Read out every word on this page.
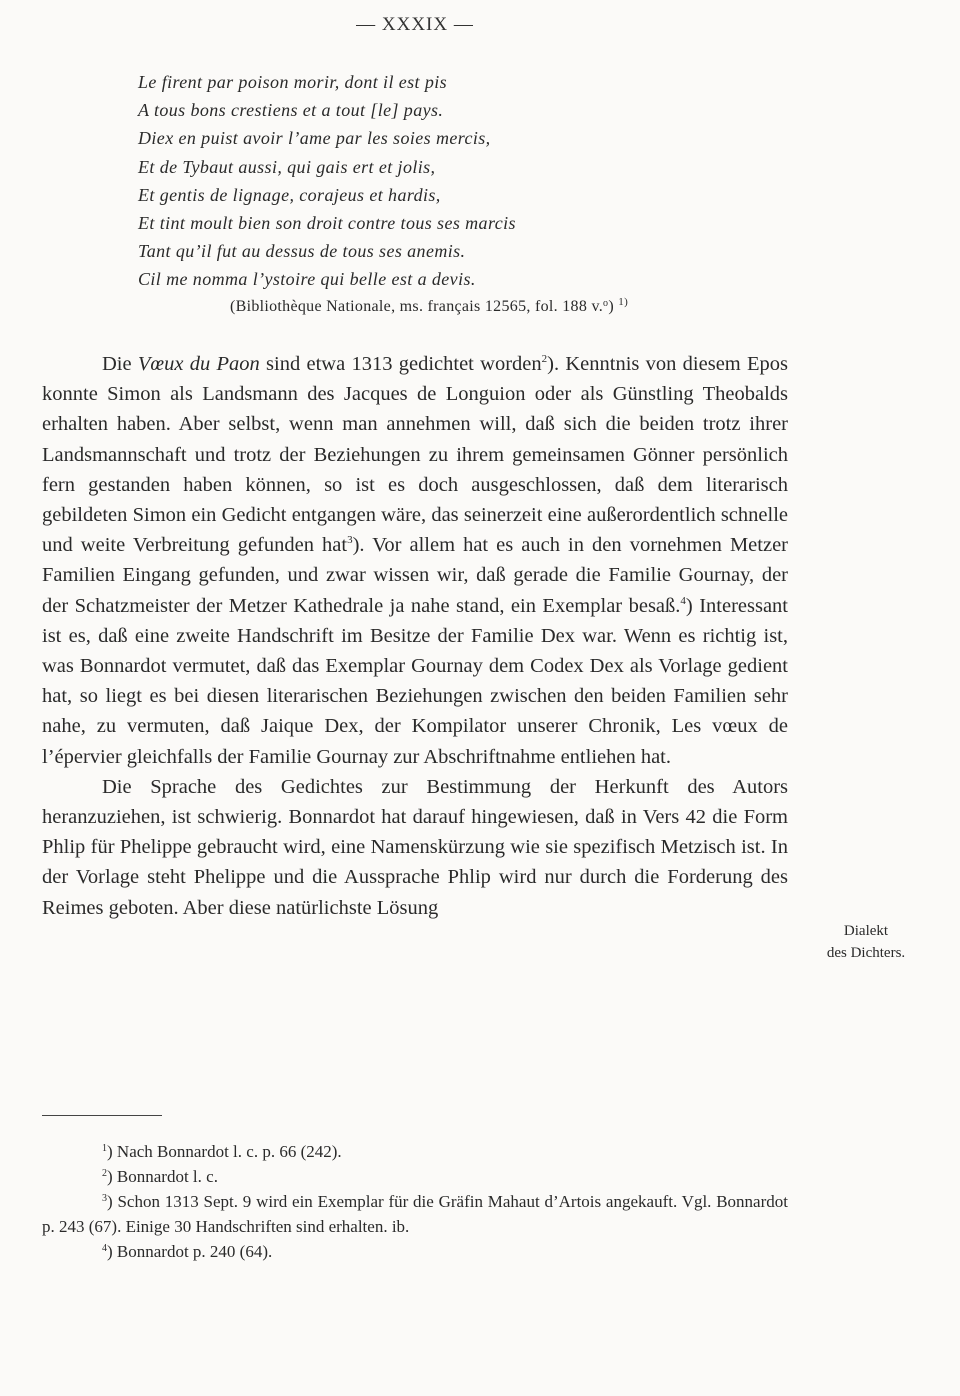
— XXXIX —
Le firent par poison morir, dont il est pis
A tous bons crestiens et a tout [le] pays.
Diex en puist avoir l’ame par les soies mercis,
Et de Tybaut aussi, qui gais ert et jolis,
Et gentis de lignage, corajeus et hardis,
Et tint moult bien son droit contre tous ses marcis
Tant qu’il fut au dessus de tous ses anemis.
Cil me nomma l’ystoire qui belle est a devis.
(Bibliothèque Nationale, ms. français 12565, fol. 188 v.$^o$) $^{1)}$

Die Vœux du Paon sind etwa 1313 gedichtet worden$^2$). Kenntnis von diesem Epos konnte Simon als Landsmann des Jacques de Longuion oder als Günstling Theobalds erhalten haben. Aber selbst, wenn man annehmen will, daß sich die beiden trotz ihrer Landsmannschaft und trotz der Beziehungen zu ihrem gemeinsamen Gönner persönlich fern gestanden haben können, so ist es doch ausgeschlossen, daß dem literarisch gebildeten Simon ein Gedicht entgangen wäre, das seinerzeit eine außerordentlich schnelle und weite Verbreitung gefunden hat$^3$). Vor allem hat es auch in den vornehmen Metzer Familien Eingang gefunden, und zwar wissen wir, daß gerade die Familie Gournay, der der Schatzmeister der Metzer Kathedrale ja nahe stand, ein Exemplar besaß.$^4$) Interessant ist es, daß eine zweite Handschrift im Besitze der Familie Dex war. Wenn es richtig ist, was Bonnardot vermutet, daß das Exemplar Gournay dem Codex Dex als Vorlage gedient hat, so liegt es bei diesen literarischen Beziehungen zwischen den beiden Familien sehr nahe, zu vermuten, daß Jaique Dex, der Kompilator unserer Chronik, Les vœux de l’épervier gleichfalls der Familie Gournay zur Abschriftnahme entliehen hat.

Die Sprache des Gedichtes zur Bestimmung der Herkunft des Autors heranzuziehen, ist schwierig. Bonnardot hat darauf hingewiesen, daß in Vers 42 die Form Phlip für Phelippe gebraucht wird, eine Namenskürzung wie sie spezifisch Metzisch ist. In der Vorlage steht Phelippe und die Aussprache Phlip wird nur durch die Forderung des Reimes geboten. Aber diese natürlichste Lösung

Dialekt
des Dichters.

$^1$) Nach Bonnardot l. c. p. 66 (242).

$^2$) Bonnardot l. c.

$^3$) Schon 1313 Sept. 9 wird ein Exemplar für die Gräfin Mahaut d’Artois angekauft. Vgl. Bonnardot p. 243 (67). Einige 30 Handschriften sind erhalten. ib.

$^4$) Bonnardot p. 240 (64).
